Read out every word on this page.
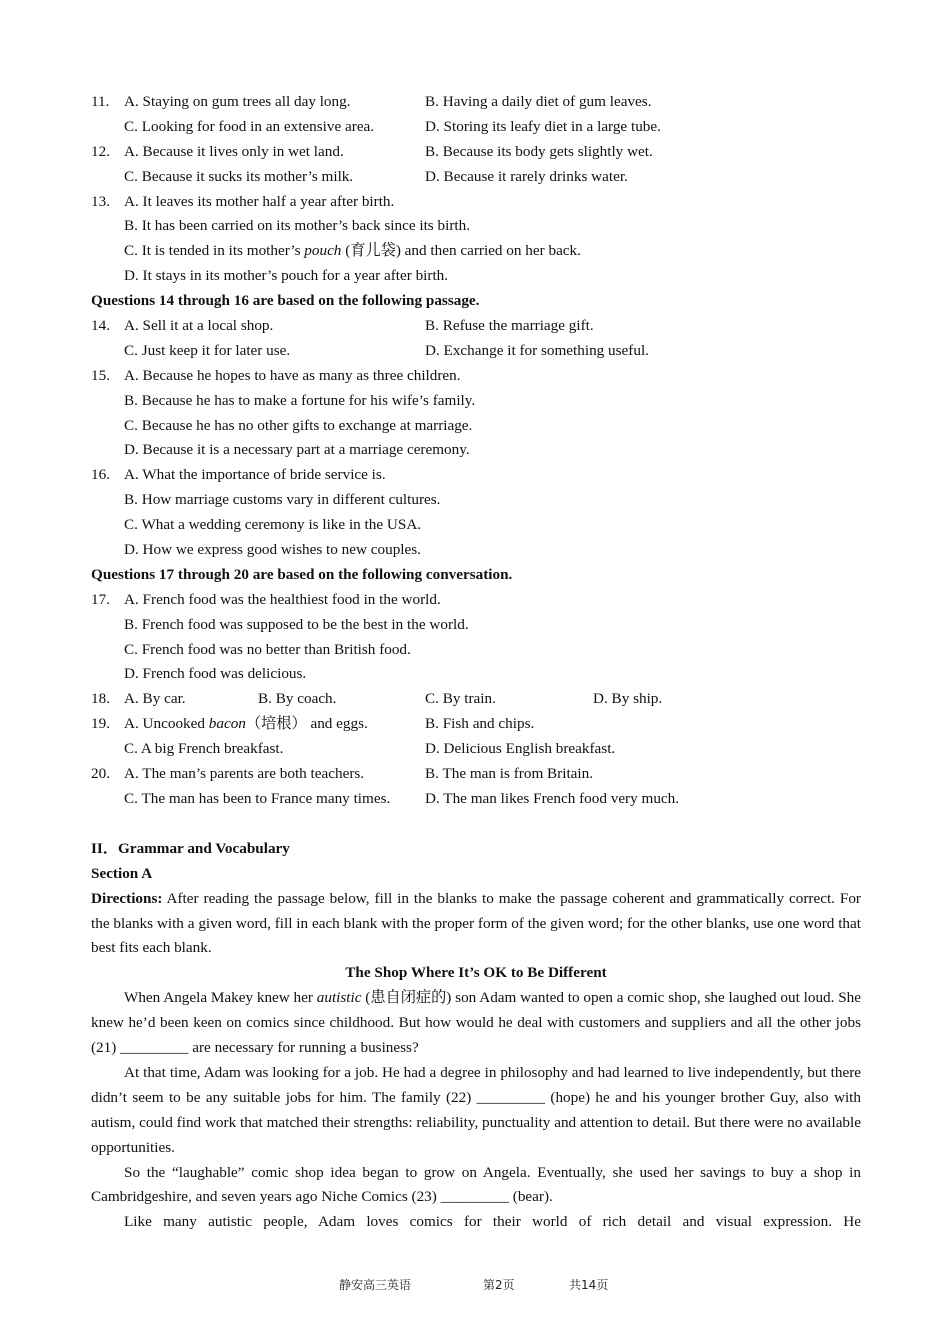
11. A. Staying on gum trees all day long.	B. Having a daily diet of gum leaves.
C. Looking for food in an extensive area.	D. Storing its leafy diet in a large tube.
12. A. Because it lives only in wet land.	B. Because its body gets slightly wet.
C. Because it sucks its mother’s milk.	D. Because it rarely drinks water.
13. A. It leaves its mother half a year after birth.
B. It has been carried on its mother’s back since its birth.
C. It is tended in its mother’s pouch (育儿袋) and then carried on her back.
D. It stays in its mother’s pouch for a year after birth.
Questions 14 through 16 are based on the following passage.
14. A. Sell it at a local shop.	B. Refuse the marriage gift.
C. Just keep it for later use.	D. Exchange it for something useful.
15. A. Because he hopes to have as many as three children.
B. Because he has to make a fortune for his wife’s family.
C. Because he has no other gifts to exchange at marriage.
D. Because it is a necessary part at a marriage ceremony.
16. A. What the importance of bride service is.
B. How marriage customs vary in different cultures.
C. What a wedding ceremony is like in the USA.
D. How we express good wishes to new couples.
Questions 17 through 20 are based on the following conversation.
17. A. French food was the healthiest food in the world.
B. French food was supposed to be the best in the world.
C. French food was no better than British food.
D. French food was delicious.
18. A. By car.	B. By coach.	C. By train.	D. By ship.
19. A. Uncooked bacon（培根） and eggs.	B. Fish and chips.
C. A big French breakfast.	D. Delicious English breakfast.
20. A. The man’s parents are both teachers.	B. The man is from Britain.
C. The man has been to France many times. D. The man likes French food very much.
II．Grammar and Vocabulary
Section A
Directions: After reading the passage below, fill in the blanks to make the passage coherent and grammatically correct. For the blanks with a given word, fill in each blank with the proper form of the given word; for the other blanks, use one word that best fits each blank.
The Shop Where It’s OK to Be Different
When Angela Makey knew her autistic (患自闭症的) son Adam wanted to open a comic shop, she laughed out loud. She knew he’d been keen on comics since childhood. But how would he deal with customers and suppliers and all the other jobs (21) _________ are necessary for running a business?
At that time, Adam was looking for a job. He had a degree in philosophy and had learned to live independently, but there didn’t seem to be any suitable jobs for him. The family (22) _________ (hope) he and his younger brother Guy, also with autism, could find work that matched their strengths: reliability, punctuality and attention to detail. But there were no available opportunities.
So the “laughable” comic shop idea began to grow on Angela. Eventually, she used her savings to buy a shop in Cambridgeshire, and seven years ago Niche Comics (23) _________ (bear).
Like many autistic people, Adam loves comics for their world of rich detail and visual expression. He
静安高三英语	第2页	共14页
